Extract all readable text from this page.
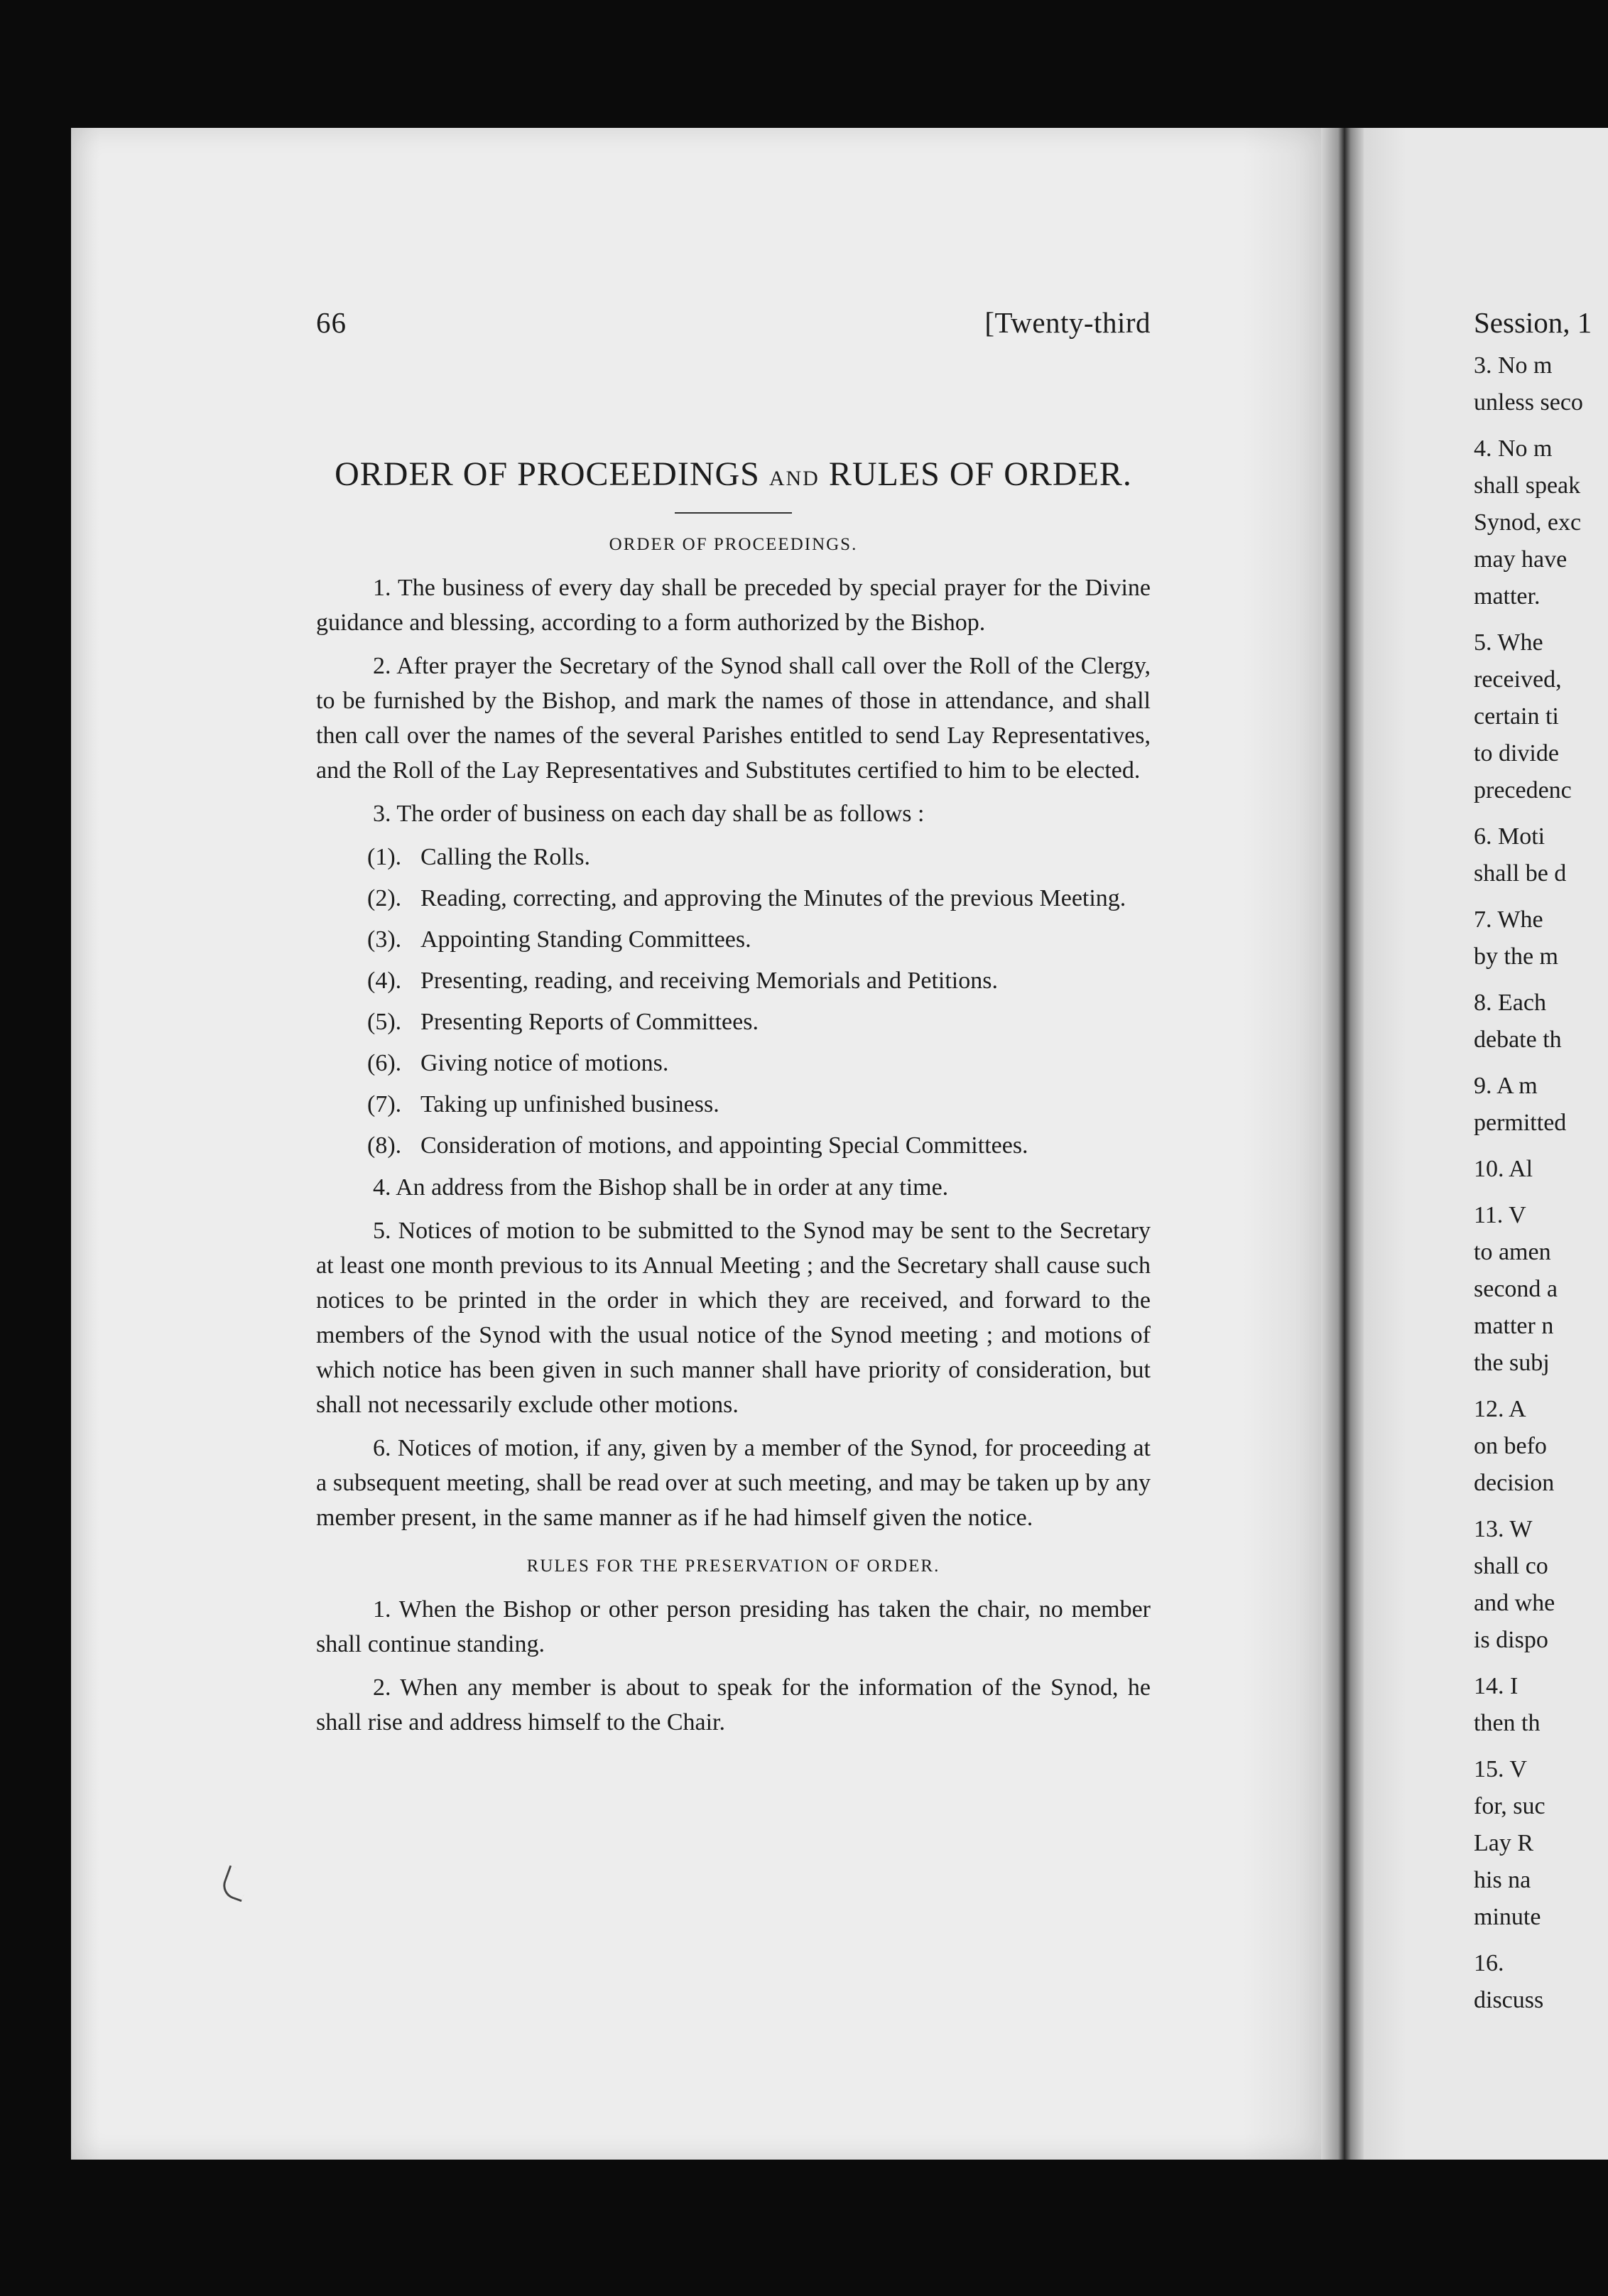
66	[Twenty-third
ORDER OF PROCEEDINGS AND RULES OF ORDER.
ORDER OF PROCEEDINGS.

1. The business of every day shall be preceded by special prayer for the Divine guidance and blessing, according to a form authorized by the Bishop.

2. After prayer the Secretary of the Synod shall call over the Roll of the Clergy, to be furnished by the Bishop, and mark the names of those in attendance, and shall then call over the names of the several Parishes entitled to send Lay Representatives, and the Roll of the Lay Representatives and Substitutes certified to him to be elected.

3. The order of business on each day shall be as follows :

(1). Calling the Rolls.
(2). Reading, correcting, and approving the Minutes of the previous Meeting.
(3). Appointing Standing Committees.
(4). Presenting, reading, and receiving Memorials and Petitions.
(5). Presenting Reports of Committees.
(6). Giving notice of motions.
(7). Taking up unfinished business.
(8). Consideration of motions, and appointing Special Committees.

4. An address from the Bishop shall be in order at any time.

5. Notices of motion to be submitted to the Synod may be sent to the Secretary at least one month previous to its Annual Meeting ; and the Secretary shall cause such notices to be printed in the order in which they are received, and forward to the members of the Synod with the usual notice of the Synod meeting ; and motions of which notice has been given in such manner shall have priority of consideration, but shall not necessarily exclude other motions.

6. Notices of motion, if any, given by a member of the Synod, for proceeding at a subsequent meeting, shall be read over at such meeting, and may be taken up by any member present, in the same manner as if he had himself given the notice.

RULES FOR THE PRESERVATION OF ORDER.

1. When the Bishop or other person presiding has taken the chair, no member shall continue standing.

2. When any member is about to speak for the information of the Synod, he shall rise and address himself to the Chair.

Session, 1
3. No m
unless seco
4. No m
shall speak
Synod, exc
may have
matter.
5. Whe
received,
certain ti
to divide
precedenc
6. Moti
shall be d
7. Whe
by the m
8. Each
debate th
9. A m
permitted
10. Al
11. V
to amen
second a
matter n
the subj
12. A
on befo
decision
13. W
shall co
and whe
is dispo
14. I
then th
15. V
for, suc
Lay R
his na
minute
16.
discuss
